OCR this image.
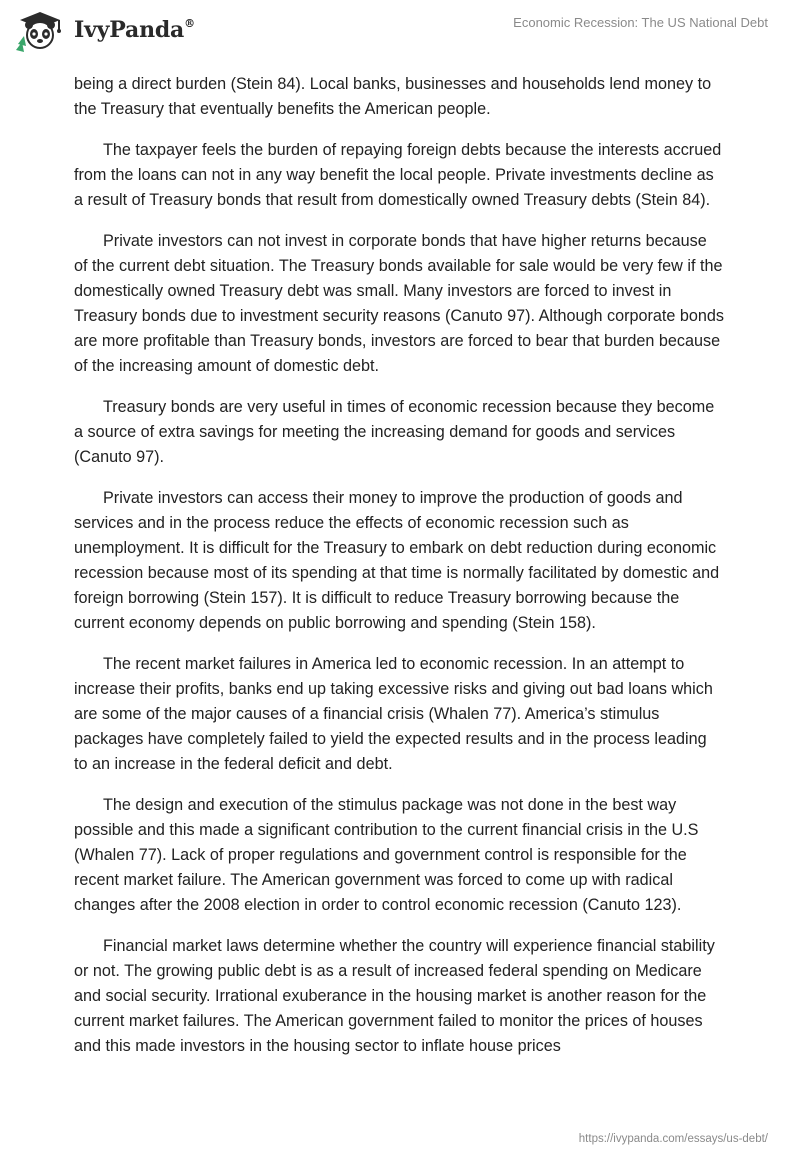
IvyPanda®	Economic Recession: The US National Debt

being a direct burden (Stein 84). Local banks, businesses and households lend money to the Treasury that eventually benefits the American people.

The taxpayer feels the burden of repaying foreign debts because the interests accrued from the loans can not in any way benefit the local people. Private investments decline as a result of Treasury bonds that result from domestically owned Treasury debts (Stein 84).

Private investors can not invest in corporate bonds that have higher returns because of the current debt situation. The Treasury bonds available for sale would be very few if the domestically owned Treasury debt was small. Many investors are forced to invest in Treasury bonds due to investment security reasons (Canuto 97). Although corporate bonds are more profitable than Treasury bonds, investors are forced to bear that burden because of the increasing amount of domestic debt.

Treasury bonds are very useful in times of economic recession because they become a source of extra savings for meeting the increasing demand for goods and services (Canuto 97).

Private investors can access their money to improve the production of goods and services and in the process reduce the effects of economic recession such as unemployment. It is difficult for the Treasury to embark on debt reduction during economic recession because most of its spending at that time is normally facilitated by domestic and foreign borrowing (Stein 157). It is difficult to reduce Treasury borrowing because the current economy depends on public borrowing and spending (Stein 158).

The recent market failures in America led to economic recession. In an attempt to increase their profits, banks end up taking excessive risks and giving out bad loans which are some of the major causes of a financial crisis (Whalen 77). America’s stimulus packages have completely failed to yield the expected results and in the process leading to an increase in the federal deficit and debt.

The design and execution of the stimulus package was not done in the best way possible and this made a significant contribution to the current financial crisis in the U.S (Whalen 77). Lack of proper regulations and government control is responsible for the recent market failure. The American government was forced to come up with radical changes after the 2008 election in order to control economic recession (Canuto 123).

Financial market laws determine whether the country will experience financial stability or not. The growing public debt is as a result of increased federal spending on Medicare and social security. Irrational exuberance in the housing market is another reason for the current market failures. The American government failed to monitor the prices of houses and this made investors in the housing sector to inflate house prices

https://ivypanda.com/essays/us-debt/
